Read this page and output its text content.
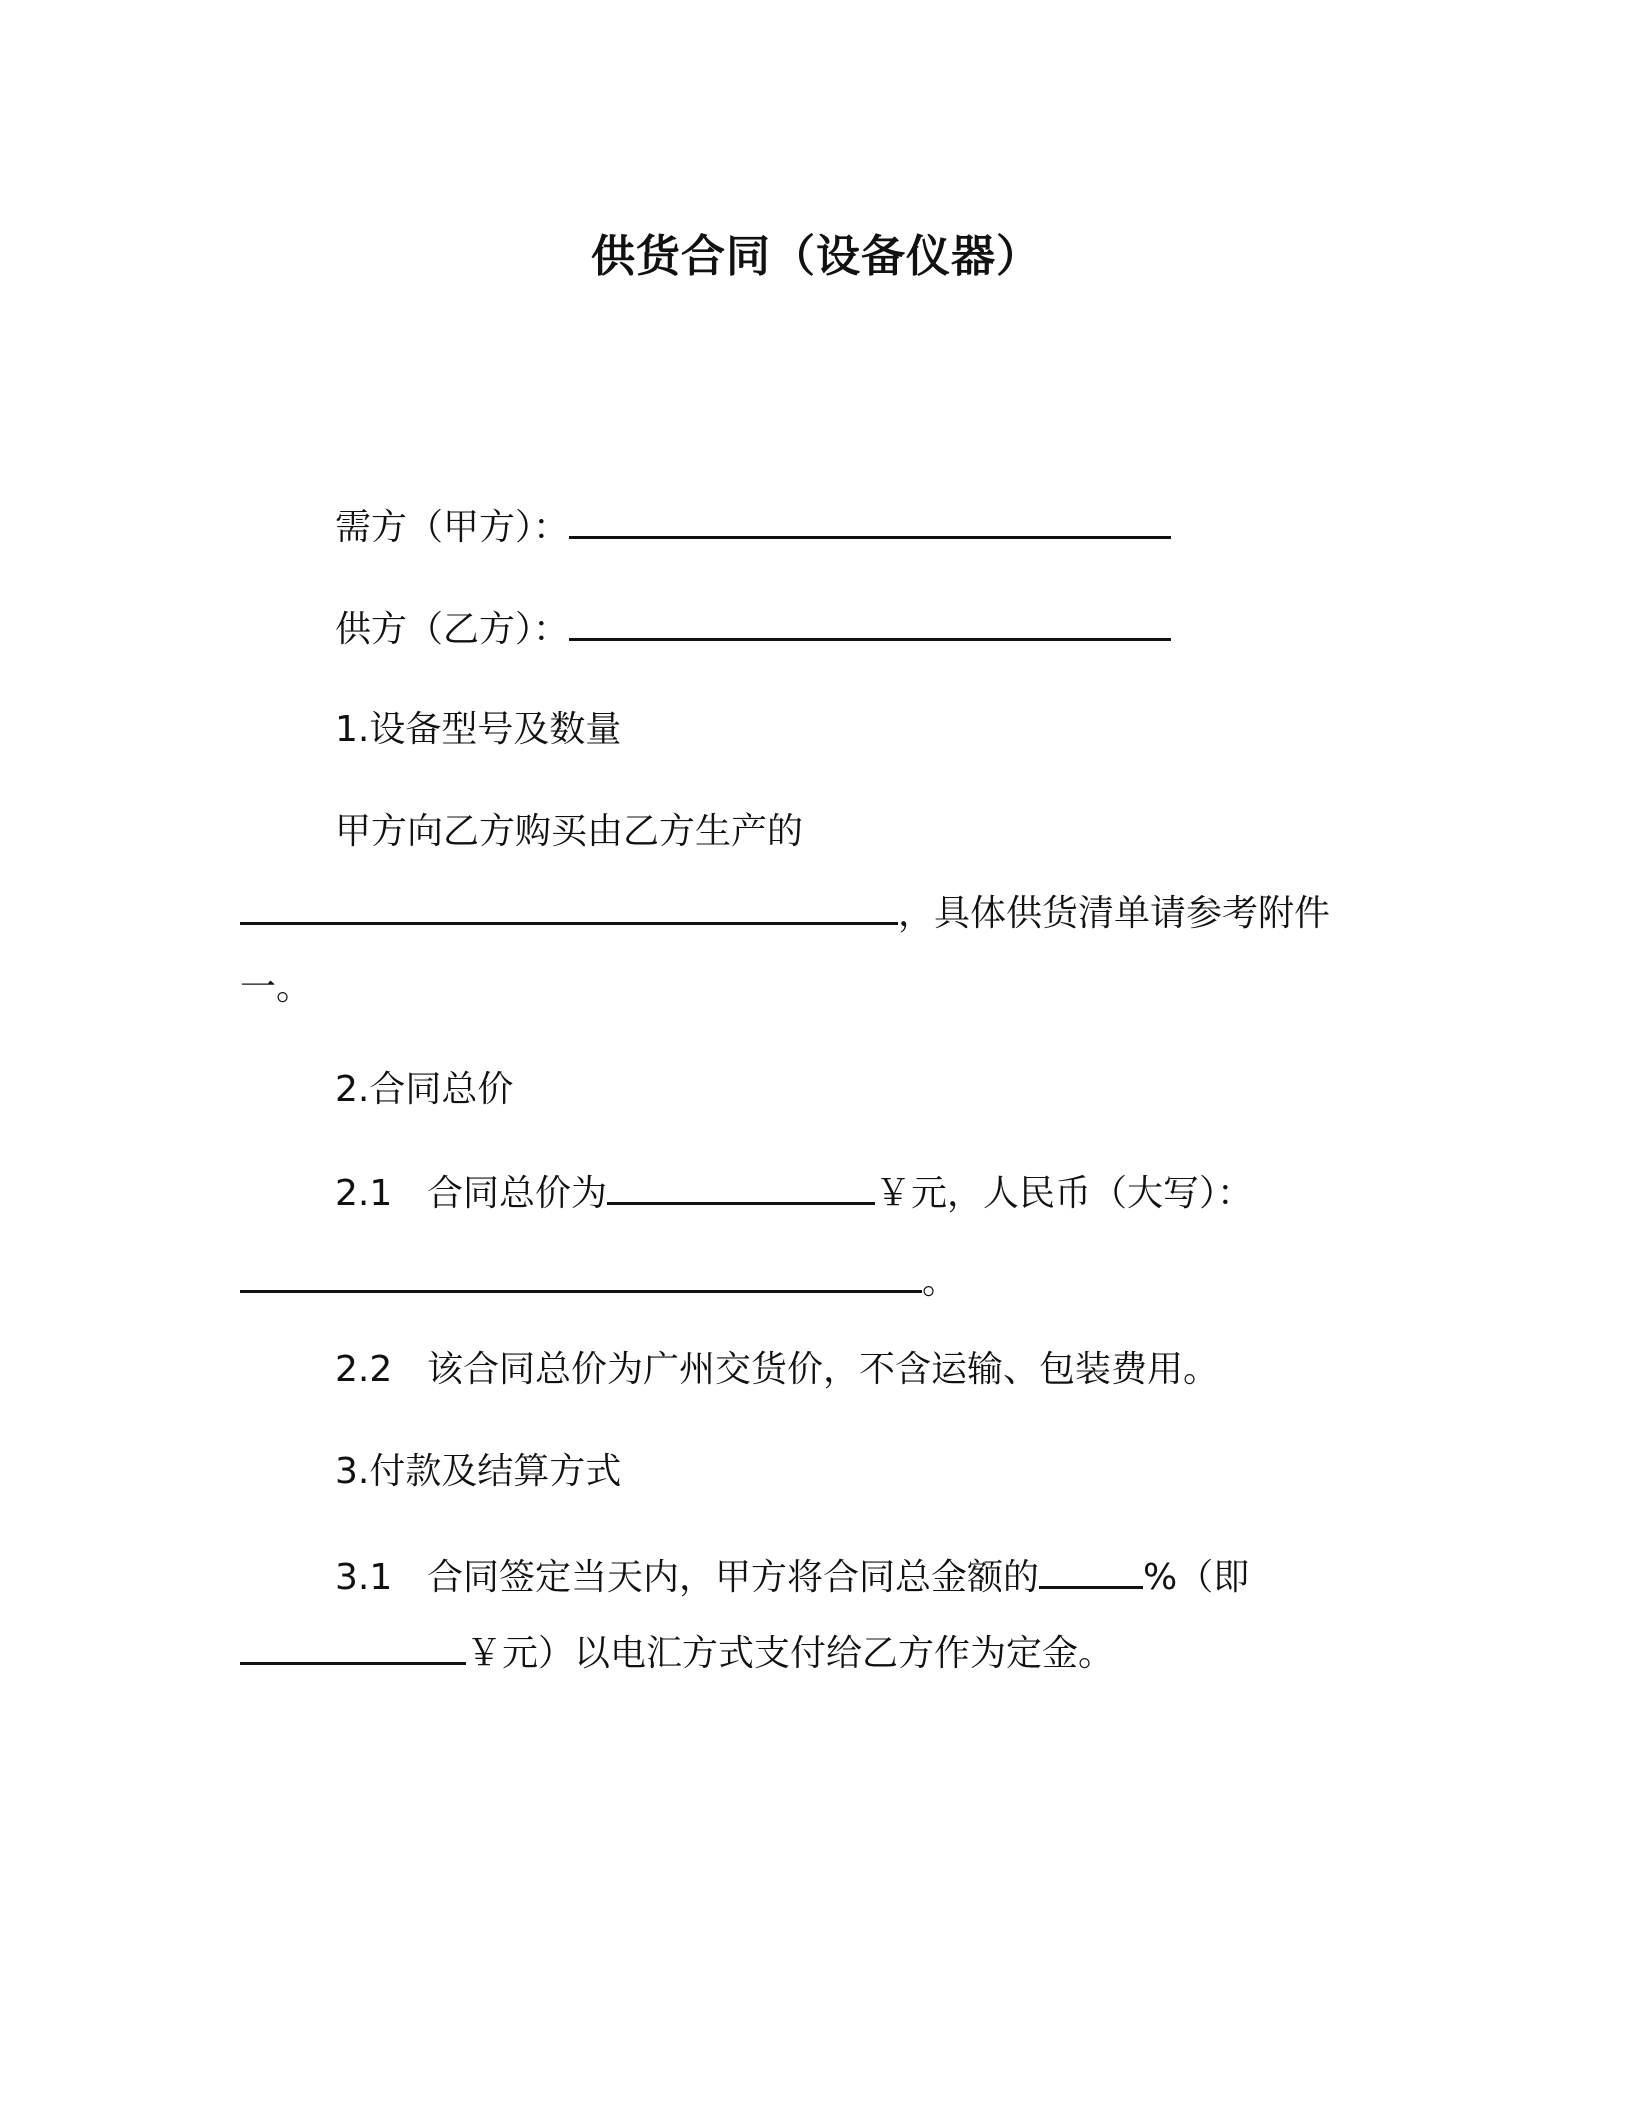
供货合同（设备仪器）
需方（甲方）：
供方（乙方）：
1.设备型号及数量
甲方向乙方购买由乙方生产的
，具体供货清单请参考附件
一。
2.合同总价
2.1 合同总价为	￥元，人民币（大写）：
。
2.2 该合同总价为广州交货价，不含运输、包装费用。
3.付款及结算方式
3.1 合同签定当天内，甲方将合同总金额的	%（即
￥元）以电汇方式支付给乙方作为定金。
